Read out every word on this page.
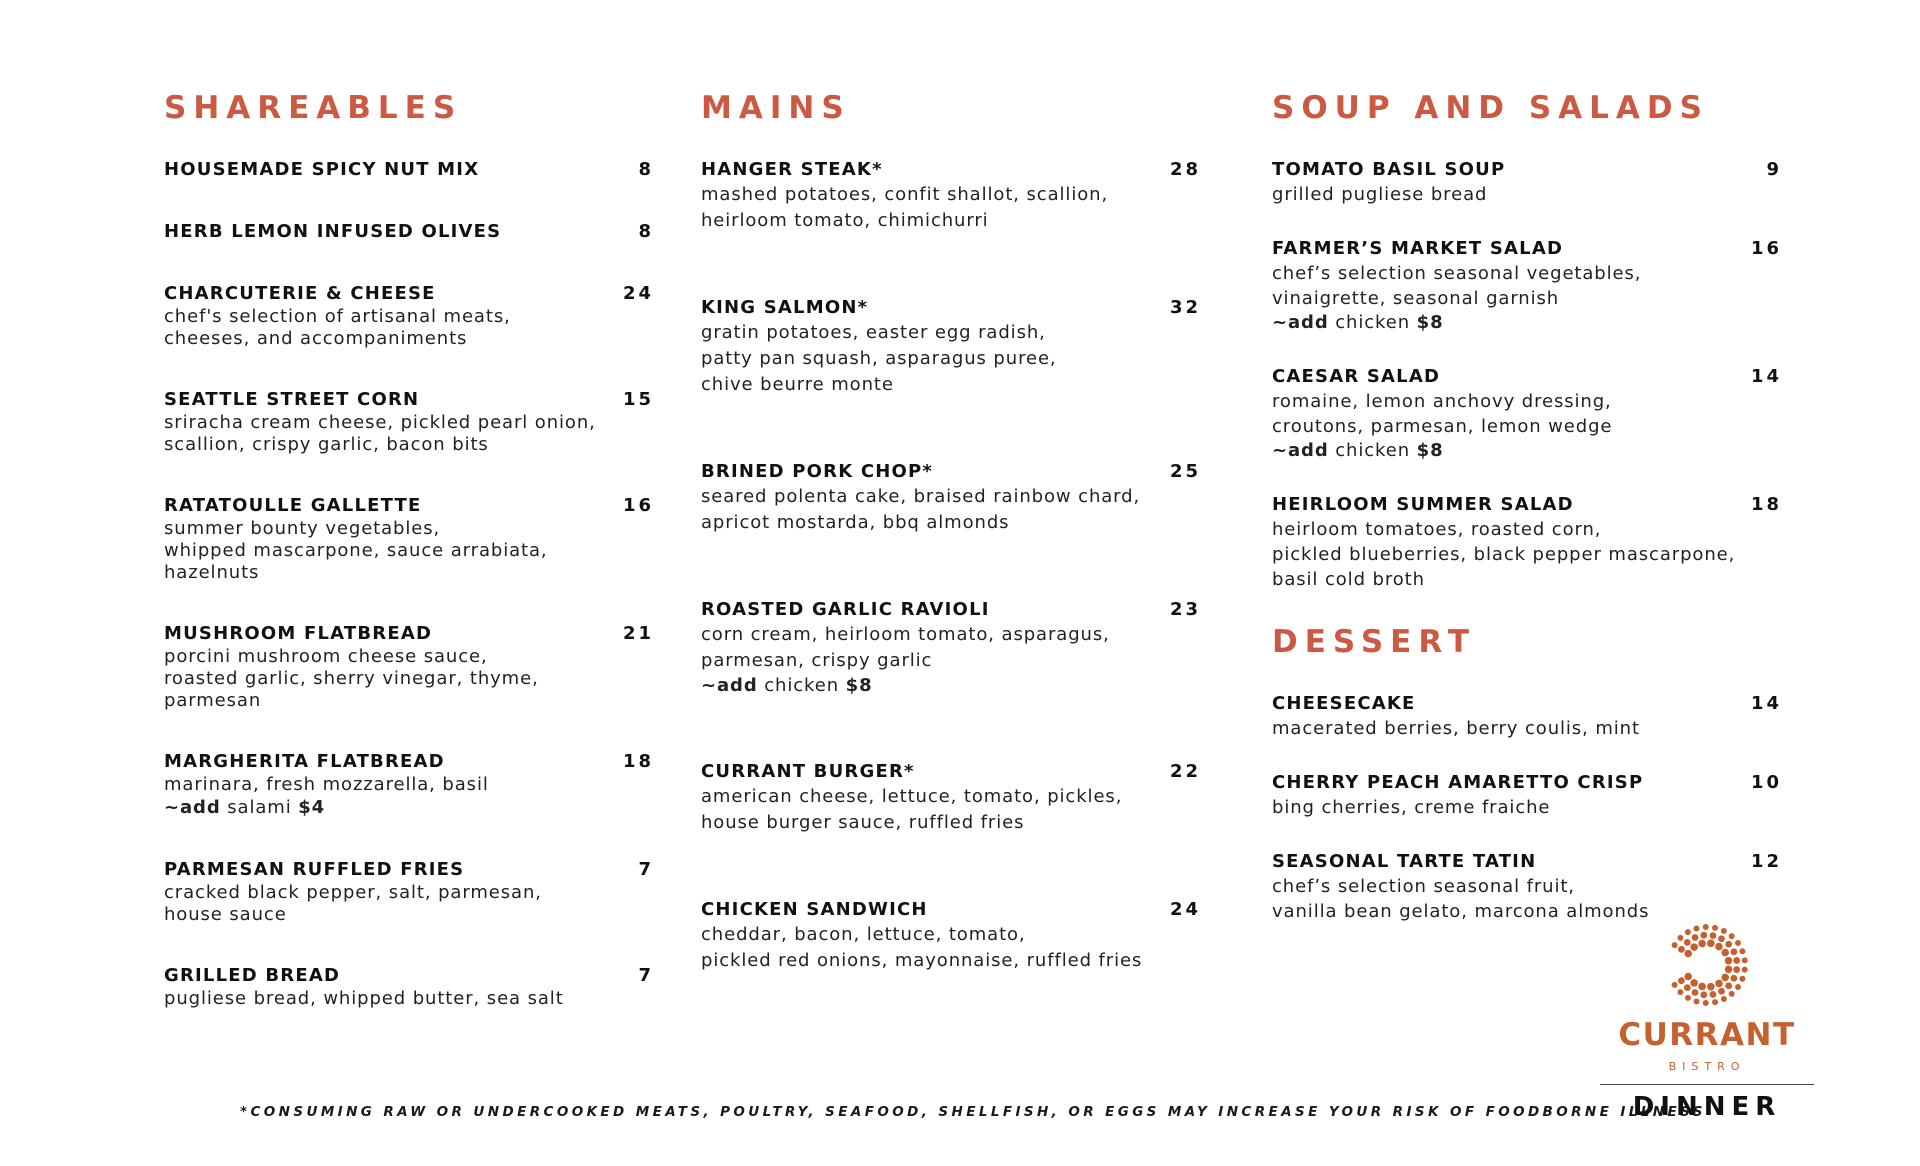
SHAREABLES
HOUSEMADE SPICY NUT MIX	8
HERB LEMON INFUSED OLIVES	8
CHARCUTERIE & CHEESE	24
chef's selection of artisanal meats,
cheeses, and accompaniments
SEATTLE STREET CORN	15
sriracha cream cheese, pickled pearl onion,
scallion, crispy garlic, bacon bits
RATATOULLE GALLETTE	16
summer bounty vegetables,
whipped mascarpone, sauce arrabiata,
hazelnuts
MUSHROOM FLATBREAD	21
porcini mushroom cheese sauce,
roasted garlic, sherry vinegar, thyme,
parmesan
MARGHERITA FLATBREAD	18
marinara, fresh mozzarella, basil
~add salami $4
PARMESAN RUFFLED FRIES	7
cracked black pepper, salt, parmesan,
house sauce
GRILLED BREAD	7
pugliese bread, whipped butter, sea salt
MAINS
HANGER STEAK*	28
mashed potatoes, confit shallot, scallion,
heirloom tomato, chimichurri
KING SALMON*	32
gratin potatoes, easter egg radish,
patty pan squash, asparagus puree,
chive beurre monte
BRINED PORK CHOP*	25
seared polenta cake, braised rainbow chard,
apricot mostarda, bbq almonds
ROASTED GARLIC RAVIOLI	23
corn cream, heirloom tomato, asparagus,
parmesan, crispy garlic
~add chicken $8
CURRANT BURGER*	22
american cheese, lettuce, tomato, pickles,
house burger sauce, ruffled fries
CHICKEN SANDWICH	24
cheddar, bacon, lettuce, tomato,
pickled red onions, mayonnaise, ruffled fries
SOUP AND SALADS
TOMATO BASIL SOUP	9
grilled pugliese bread
FARMER’S MARKET SALAD	16
chef’s selection seasonal vegetables,
vinaigrette, seasonal garnish
~add chicken $8
CAESAR SALAD	14
romaine, lemon anchovy dressing,
croutons, parmesan, lemon wedge
~add chicken $8
HEIRLOOM SUMMER SALAD	18
heirloom tomatoes, roasted corn,
pickled blueberries, black pepper mascarpone,
basil cold broth
DESSERT
CHEESECAKE	14
macerated berries, berry coulis, mint
CHERRY PEACH AMARETTO CRISP	10
bing cherries, creme fraiche
SEASONAL TARTE TATIN	12
chef’s selection seasonal fruit,
vanilla bean gelato, marcona almonds
*CONSUMING RAW OR UNDERCOOKED MEATS, POULTRY, SEAFOOD, SHELLFISH, OR EGGS MAY INCREASE YOUR RISK OF FOODBORNE ILLNESS
CURRANT
BISTRO
DINNER
